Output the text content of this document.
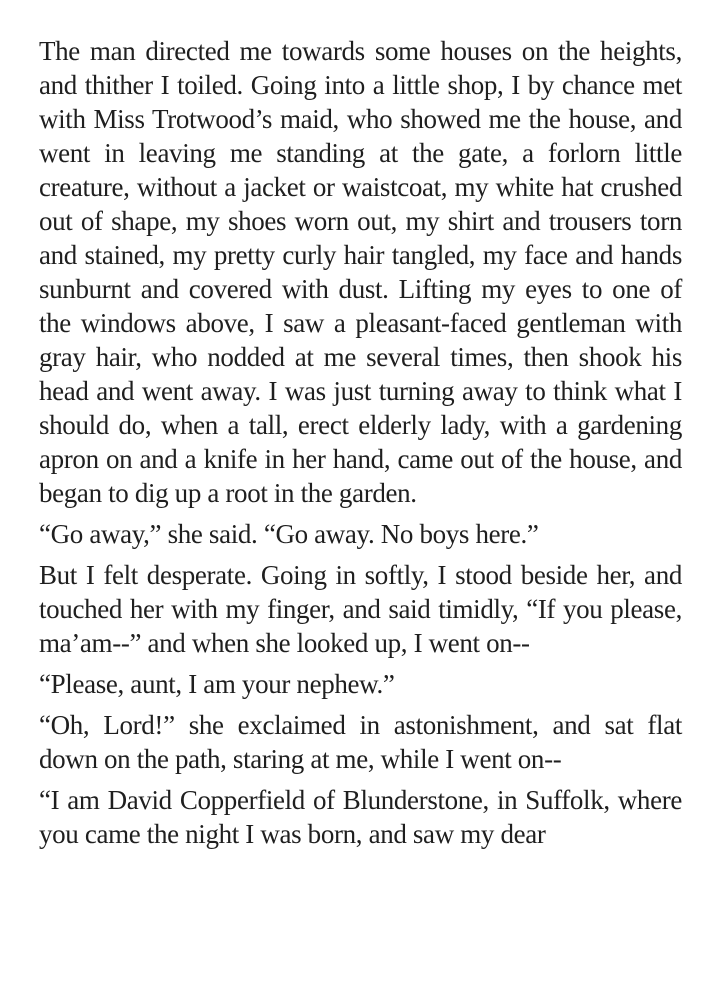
The man directed me towards some houses on the heights, and thither I toiled. Going into a little shop, I by chance met with Miss Trotwood’s maid, who showed me the house, and went in leaving me standing at the gate, a forlorn little creature, without a jacket or waistcoat, my white hat crushed out of shape, my shoes worn out, my shirt and trousers torn and stained, my pretty curly hair tangled, my face and hands sunburnt and covered with dust. Lifting my eyes to one of the windows above, I saw a pleasant-faced gentleman with gray hair, who nodded at me several times, then shook his head and went away. I was just turning away to think what I should do, when a tall, erect elderly lady, with a gardening apron on and a knife in her hand, came out of the house, and began to dig up a root in the garden.

“Go away,” she said. “Go away. No boys here.”

But I felt desperate. Going in softly, I stood beside her, and touched her with my finger, and said timidly, “If you please, ma’am--” and when she looked up, I went on--

“Please, aunt, I am your nephew.”

“Oh, Lord!” she exclaimed in astonishment, and sat flat down on the path, staring at me, while I went on--

“I am David Copperfield of Blunderstone, in Suffolk, where you came the night I was born, and saw my dear
